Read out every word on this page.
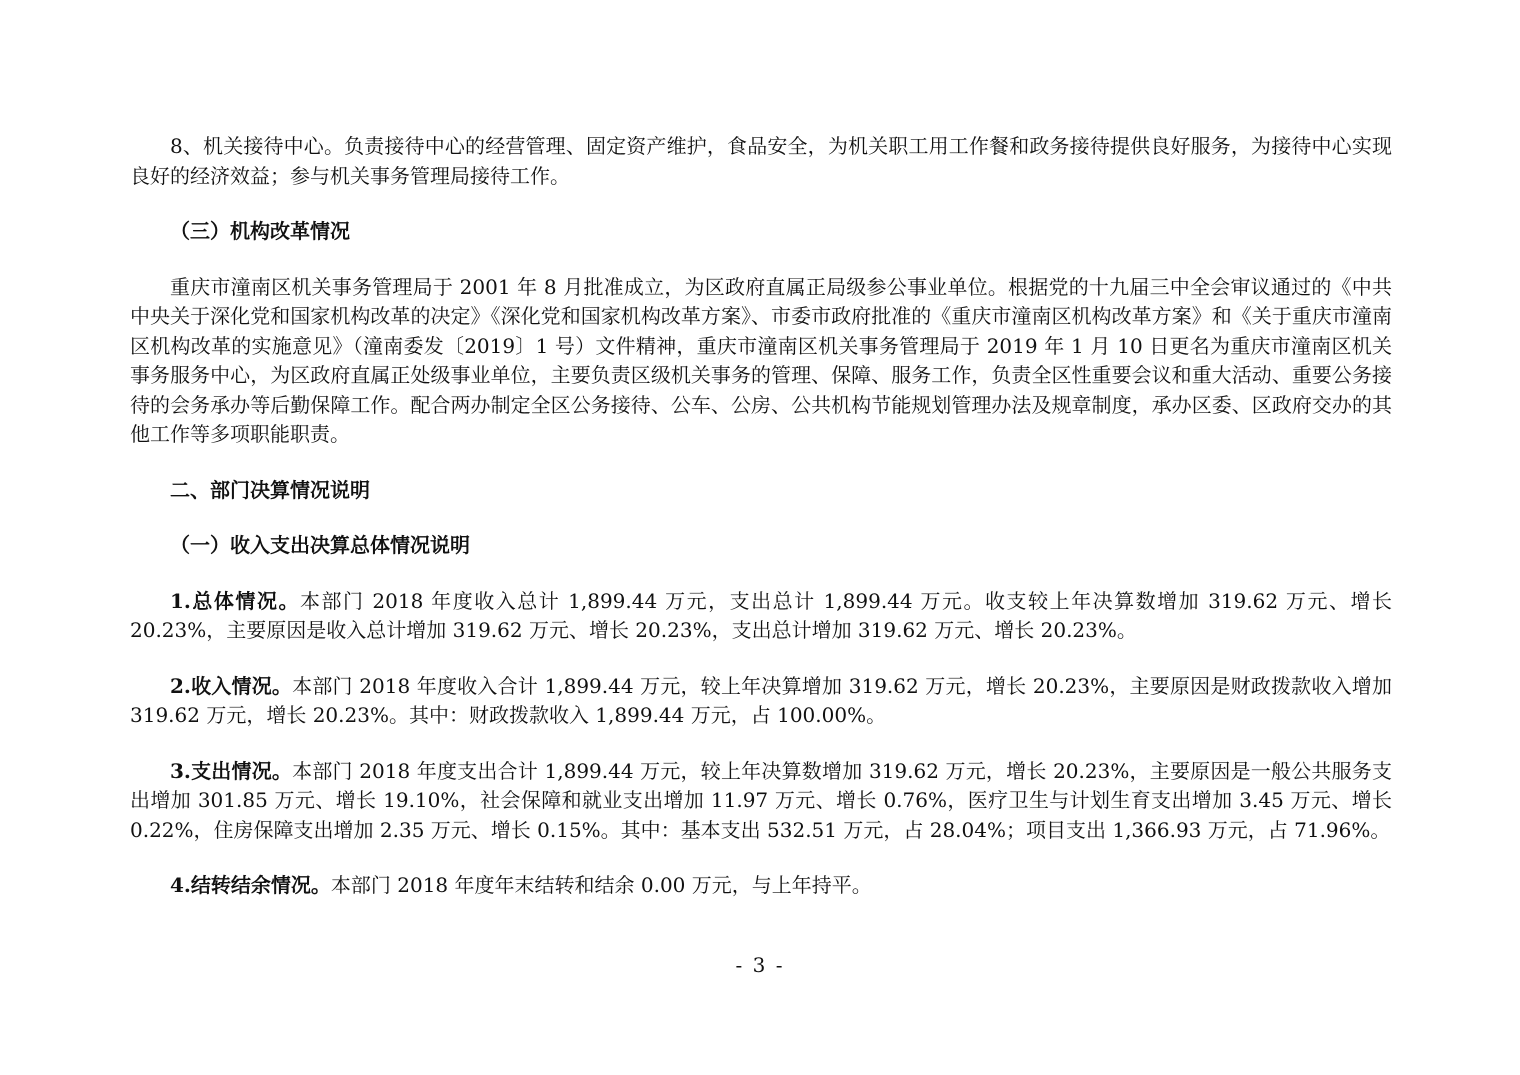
8、机关接待中心。负责接待中心的经营管理、固定资产维护，食品安全，为机关职工用工作餐和政务接待提供良好服务，为接待中心实现良好的经济效益；参与机关事务管理局接待工作。

（三）机构改革情况

重庆市潼南区机关事务管理局于 2001 年 8 月批准成立，为区政府直属正局级参公事业单位。根据党的十九届三中全会审议通过的《中共中央关于深化党和国家机构改革的决定》《深化党和国家机构改革方案》、市委市政府批准的《重庆市潼南区机构改革方案》和《关于重庆市潼南区机构改革的实施意见》（潼南委发〔2019〕1 号）文件精神，重庆市潼南区机关事务管理局于 2019 年 1 月 10 日更名为重庆市潼南区机关事务服务中心，为区政府直属正处级事业单位，主要负责区级机关事务的管理、保障、服务工作，负责全区性重要会议和重大活动、重要公务接待的会务承办等后勤保障工作。配合两办制定全区公务接待、公车、公房、公共机构节能规划管理办法及规章制度，承办区委、区政府交办的其他工作等多项职能职责。

二、部门决算情况说明
（一）收入支出决算总体情况说明

1.总体情况。本部门 2018 年度收入总计 1,899.44 万元，支出总计 1,899.44 万元。收支较上年决算数增加 319.62 万元、增长 20.23%，主要原因是收入总计增加 319.62 万元、增长 20.23%，支出总计增加 319.62 万元、增长 20.23%。

2.收入情况。本部门 2018 年度收入合计 1,899.44 万元，较上年决算增加 319.62 万元，增长 20.23%，主要原因是财政拨款收入增加 319.62 万元，增长 20.23%。其中：财政拨款收入 1,899.44 万元，占 100.00%。

3.支出情况。本部门 2018 年度支出合计 1,899.44 万元，较上年决算数增加 319.62 万元，增长 20.23%，主要原因是一般公共服务支出增加 301.85 万元、增长 19.10%，社会保障和就业支出增加 11.97 万元、增长 0.76%，医疗卫生与计划生育支出增加 3.45 万元、增长 0.22%，住房保障支出增加 2.35 万元、增长 0.15%。其中：基本支出 532.51 万元，占 28.04%；项目支出 1,366.93 万元，占 71.96%。

4.结转结余情况。本部门 2018 年度年末结转和结余 0.00 万元，与上年持平。

- 3 -
